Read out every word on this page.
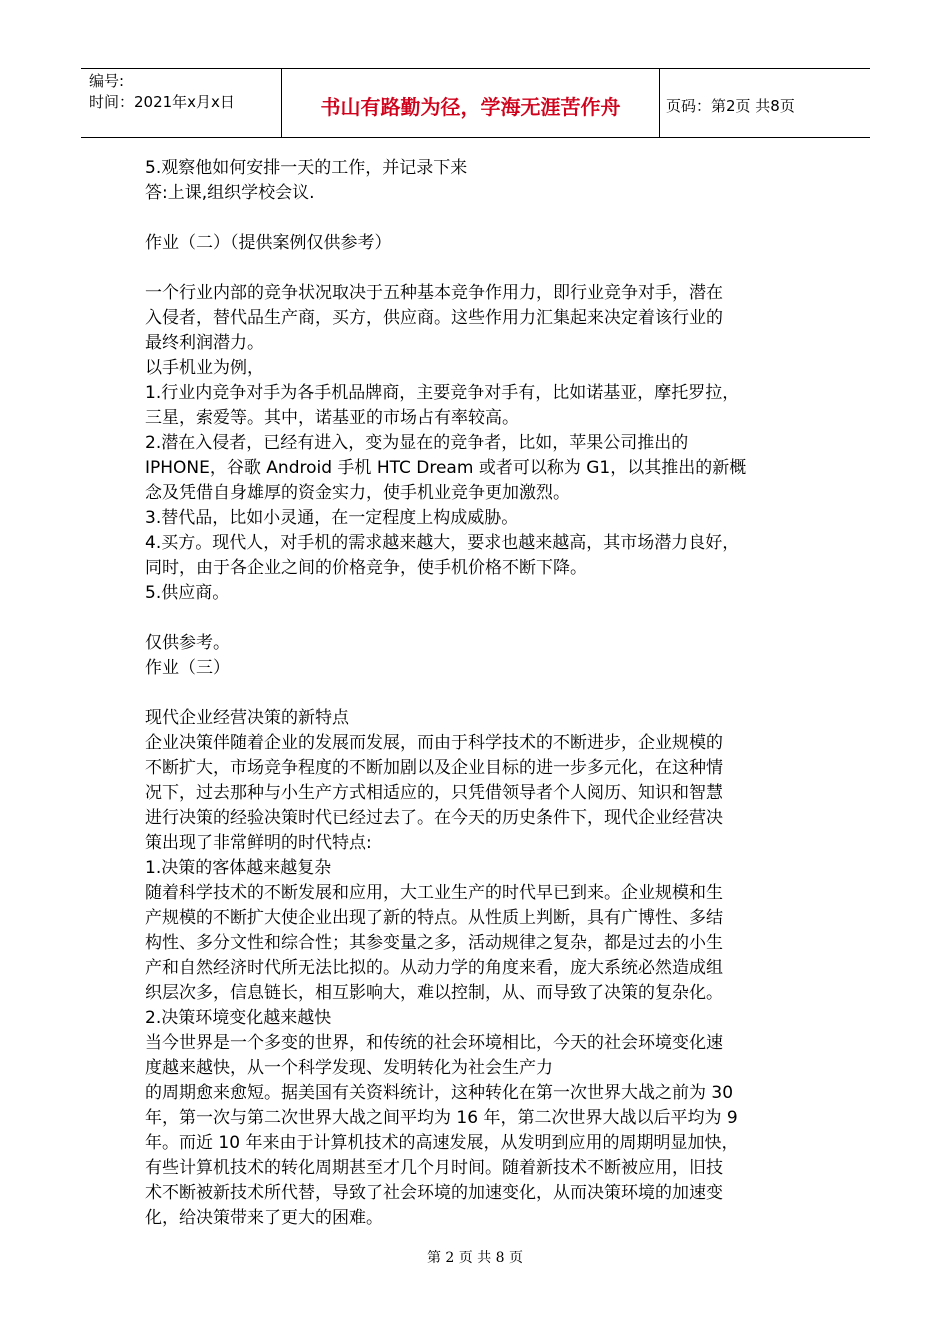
编号:
时间：2021年x月x日	书山有路勤为径，学海无涯苦作舟	页码：第2页 共8页

5.观察他如何安排一天的工作，并记录下来

答:上课,组织学校会议.

作业（二）（提供案例仅供参考）

一个行业内部的竞争状况取决于五种基本竞争作用力，即行业竞争对手，潜在

入侵者，替代品生产商，买方，供应商。这些作用力汇集起来决定着该行业的

最终利润潜力。

以手机业为例，

1.行业内竞争对手为各手机品牌商，主要竞争对手有，比如诺基亚，摩托罗拉，

三星，索爱等。其中，诺基亚的市场占有率较高。

2.潜在入侵者，已经有进入，变为显在的竞争者，比如，苹果公司推出的

IPHONE，谷歌 Android 手机 HTC Dream 或者可以称为 G1，以其推出的新概

念及凭借自身雄厚的资金实力，使手机业竞争更加激烈。

3.替代品，比如小灵通，在一定程度上构成威胁。

4.买方。现代人，对手机的需求越来越大，要求也越来越高，其市场潜力良好，

同时，由于各企业之间的价格竞争，使手机价格不断下降。

5.供应商。

仅供参考。

作业（三）

现代企业经营决策的新特点

企业决策伴随着企业的发展而发展，而由于科学技术的不断进步，企业规模的

不断扩大，市场竞争程度的不断加剧以及企业目标的进一步多元化，在这种情

况下，过去那种与小生产方式相适应的，只凭借领导者个人阅历、知识和智慧

进行决策的经验决策时代已经过去了。在今天的历史条件下，现代企业经营决

策出现了非常鲜明的时代特点:

1.决策的客体越来越复杂

随着科学技术的不断发展和应用，大工业生产的时代早已到来。企业规模和生

产规模的不断扩大使企业出现了新的特点。从性质上判断，具有广博性、多结

构性、多分文性和综合性；其参变量之多，活动规律之复杂，都是过去的小生

产和自然经济时代所无法比拟的。从动力学的角度来看，庞大系统必然造成组

织层次多，信息链长，相互影响大，难以控制，从、而导致了决策的复杂化。

2.决策环境变化越来越快

当今世界是一个多变的世界，和传统的社会环境相比，今天的社会环境变化速

度越来越快，从一个科学发现、发明转化为社会生产力

的周期愈来愈短。据美国有关资料统计，这种转化在第一次世界大战之前为 30

年，第一次与第二次世界大战之间平均为 16 年，第二次世界大战以后平均为 9

年。而近 10 年来由于计算机技术的高速发展，从发明到应用的周期明显加快，

有些计算机技术的转化周期甚至才几个月时间。随着新技术不断被应用，旧技

术不断被新技术所代替，导致了社会环境的加速变化，从而决策环境的加速变

化，给决策带来了更大的困难。

第 2 页 共 8 页
